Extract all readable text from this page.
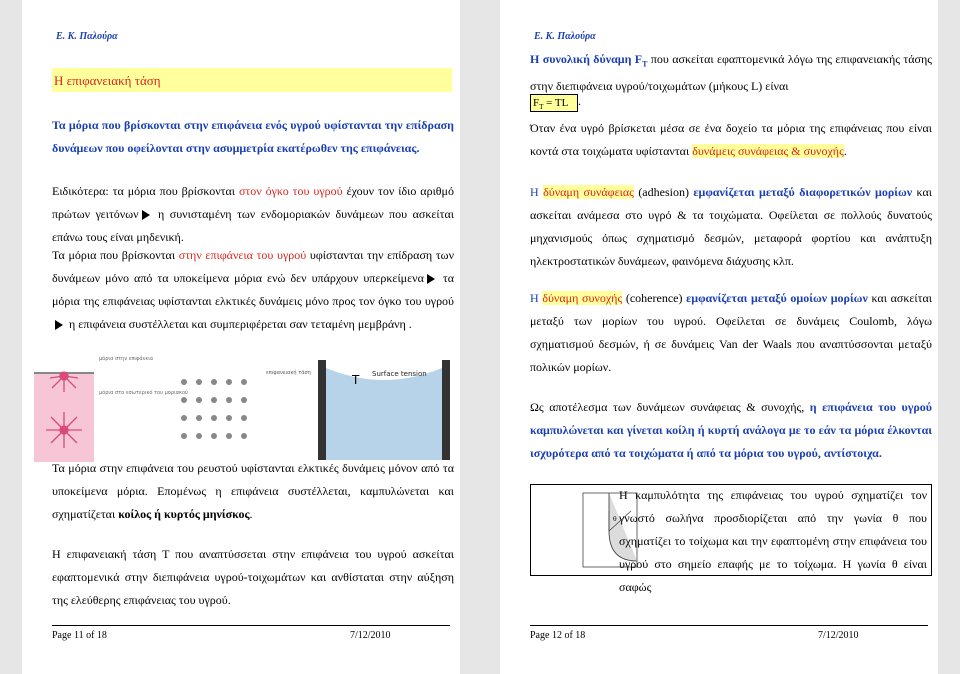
Ε. Κ. Παλούρα
Η επιφανειακή τάση
Τα μόρια που βρίσκονται στην επιφάνεια ενός υγρού υφίστανται την επίδραση δυνάμεων που οφείλονται στην ασυμμετρία εκατέρωθεν της επιφάνειας.
Ειδικότερα: τα μόρια που βρίσκονται στον όγκο του υγρού έχουν τον ίδιο αριθμό πρώτων γειτόνων η συνισταμένη των ενδομοριακών δυνάμεων που ασκείται επάνω τους είναι μηδενική.
Τα μόρια που βρίσκονται στην επιφάνεια του υγρού υφίστανται την επίδραση των δυνάμεων μόνο από τα υποκείμενα μόρια ενώ δεν υπάρχουν υπερκείμενα τα μόρια της επιφάνειας υφίστανται ελκτικές δυνάμεις μόνο προς τον όγκο του υγρού η επιφάνεια συστέλλεται και συμπεριφέρεται σαν τεταμένη μεμβράνη .
μόρια στην επιφάνεια
μόρια στο εσωτερικό του μοριακού
επιφανειακή τάση	T Surface tension
Τα μόρια στην επιφάνεια του ρευστού υφίστανται ελκτικές δυνάμεις μόνον από τα υποκείμενα μόρια. Επομένως η επιφάνεια συστέλλεται, καμπυλώνεται και σχηματίζεται κοίλος ή κυρτός μηνίσκος.
Η επιφανειακή τάση Τ που αναπτύσσεται στην επιφάνεια του υγρού ασκείται εφαπτομενικά στην διεπιφάνεια υγρού-τοιχωμάτων και ανθίσταται στην αύξηση της ελεύθερης επιφάνειας του υγρού.
Page 11 of 18	7/12/2010
Ε. Κ. Παλούρα
Η συνολική δύναμη $F_T$ που ασκείται εφαπτομενικά λόγω της επιφανειακής τάσης στην διεπιφάνεια υγρού/τοιχωμάτων (μήκους L) είναι
$F_T$ = TL .
Όταν ένα υγρό βρίσκεται μέσα σε ένα δοχείο τα μόρια της επιφάνειας που είναι κοντά στα τοιχώματα υφίστανται δυνάμεις συνάφειας & συνοχής.
Η δύναμη συνάφειας (adhesion) εμφανίζεται μεταξύ διαφορετικών μορίων και ασκείται ανάμεσα στο υγρό & τα τοιχώματα. Οφείλεται σε πολλούς δυνατούς μηχανισμούς όπως σχηματισμό δεσμών, μεταφορά φορτίου και ανάπτυξη ηλεκτροστατικών δυνάμεων, φαινόμενα διάχυσης κλπ.
Η δύναμη συνοχής (coherence) εμφανίζεται μεταξύ ομοίων μορίων και ασκείται μεταξύ των μορίων του υγρού. Οφείλεται σε δυνάμεις Coulomb, λόγω σχηματισμού δεσμών, ή σε δυνάμεις Van der Waals που αναπτύσσονται μεταξύ πολικών μορίων.
Ως αποτέλεσμα των δυνάμεων συνάφειας & συνοχής, η επιφάνεια του υγρού καμπυλώνεται και γίνεται κοίλη ή κυρτή ανάλογα με το εάν τα μόρια έλκονται ισχυρότερα από τα τοιχώματα ή από τα μόρια του υγρού, αντίστοιχα.
θ
Η καμπυλότητα της επιφάνειας του υγρού σχηματίζει τον γνωστό σωλήνα προσδιορίζεται από την γωνία θ που σχηματίζει το τοίχωμα και την εφαπτομένη στην επιφάνεια του υγρού στο σημείο επαφής με το τοίχωμα. Η γωνία θ είναι σαφώς
Page 12 of 18	7/12/2010
